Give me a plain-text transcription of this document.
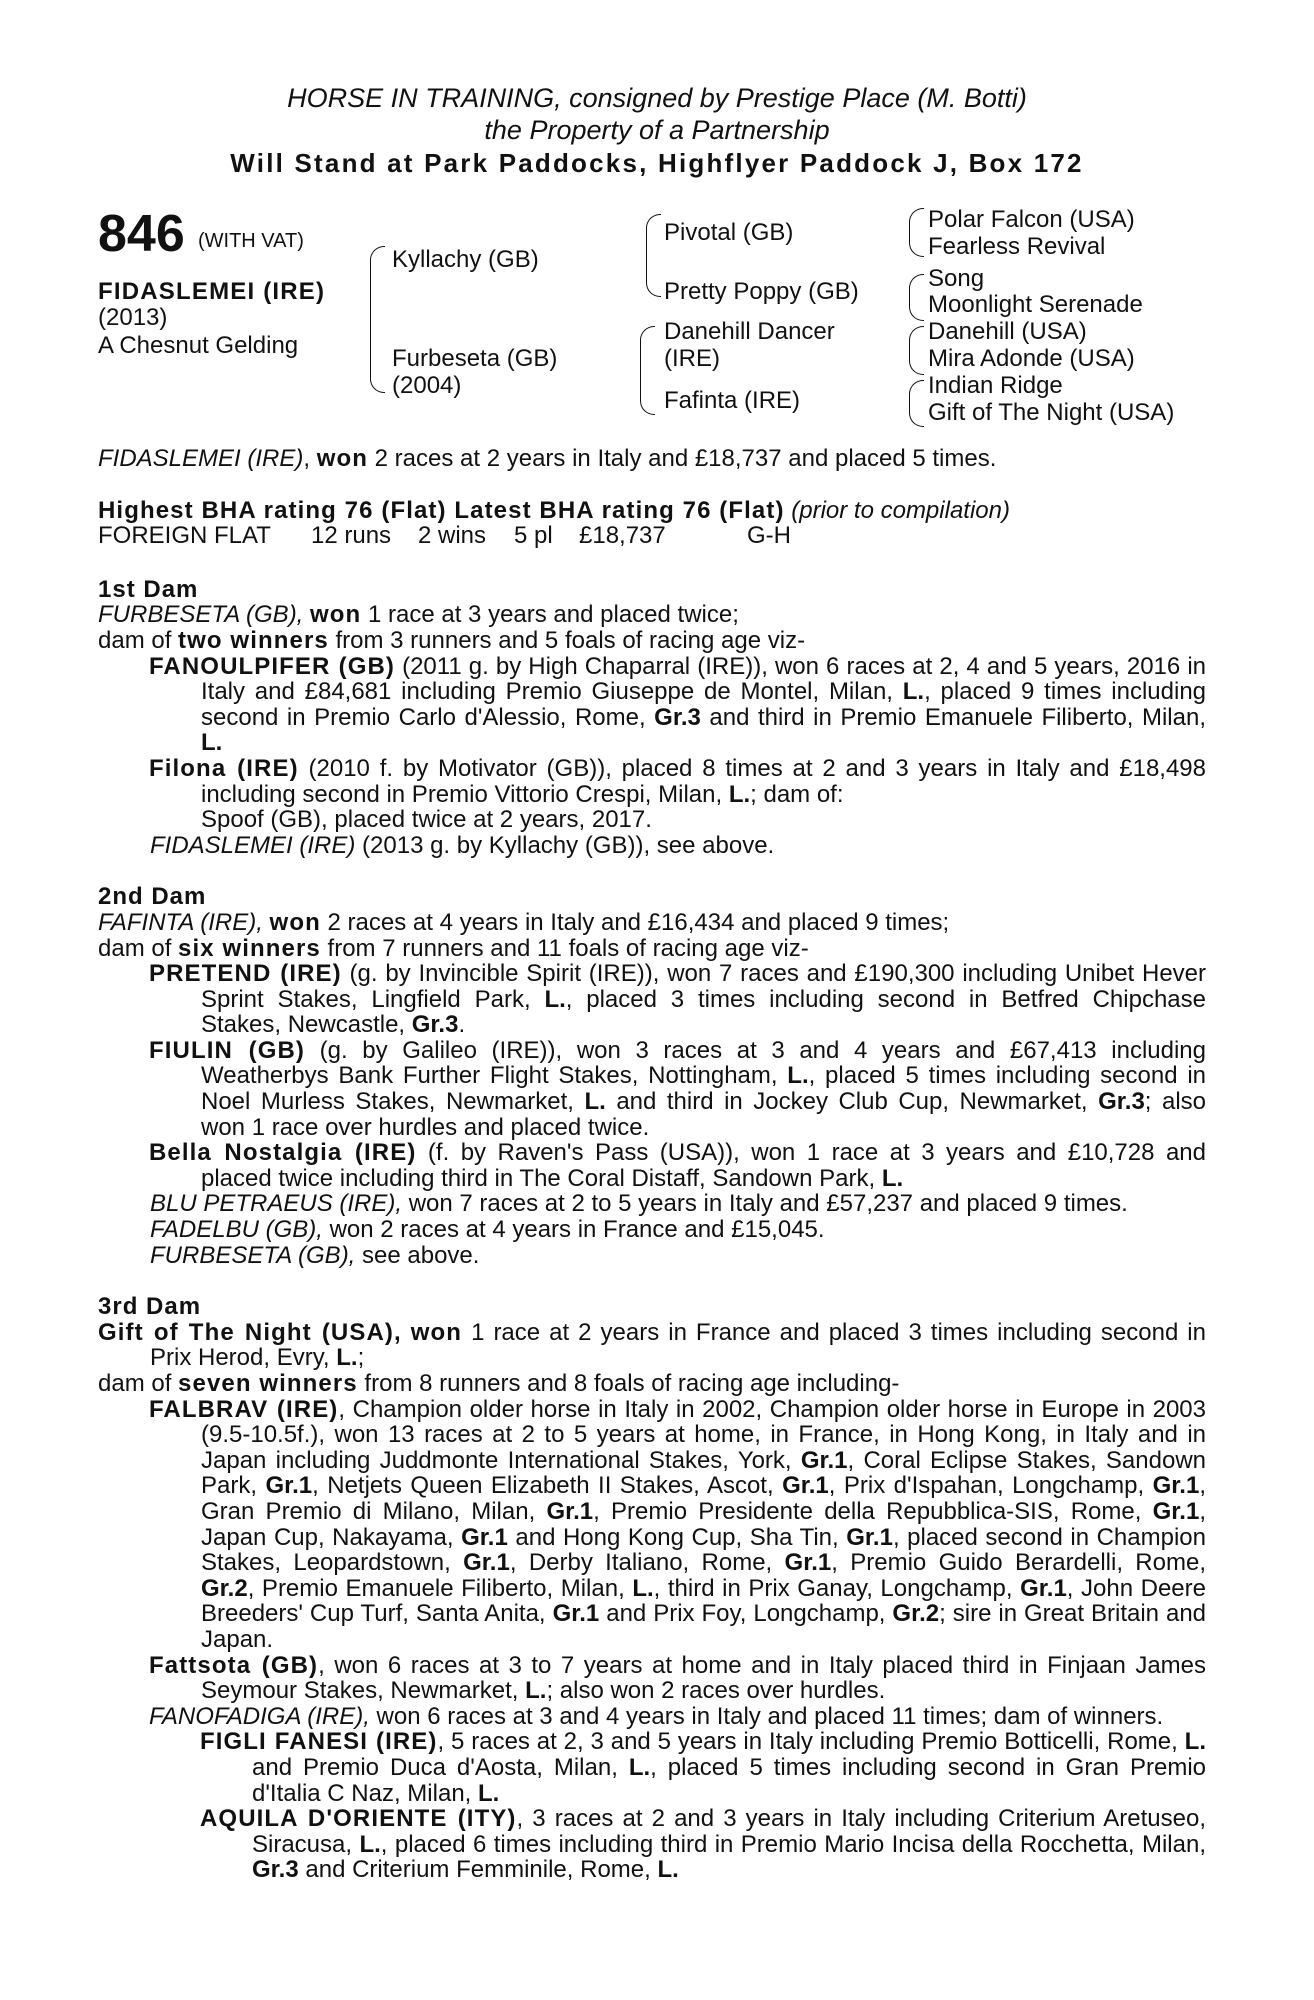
HORSE IN TRAINING, consigned by Prestige Place (M. Botti)
the Property of a Partnership
Will Stand at Park Paddocks, Highflyer Paddock J, Box 172
846 (WITH VAT)
FIDASLEMEI (IRE)
(2013)
A Chesnut Gelding
Kyllachy (GB)
Furbeseta (GB)
(2004)
Pivotal (GB)
Pretty Poppy (GB)
Danehill Dancer
(IRE)
Fafinta (IRE)
Polar Falcon (USA)
Fearless Revival
Song
Moonlight Serenade
Danehill (USA)
Mira Adonde (USA)
Indian Ridge
Gift of The Night (USA)
FIDASLEMEI (IRE), won 2 races at 2 years in Italy and £18,737 and placed 5 times.
Highest BHA rating 76 (Flat) Latest BHA rating 76 (Flat) (prior to compilation)
FOREIGN FLAT 12 runs 2 wins 5 pl £18,737	G-H
1st Dam
FURBESETA (GB), won 1 race at 3 years and placed twice;
dam of two winners from 3 runners and 5 foals of racing age viz-
FANOULPIFER (GB) (2011 g. by High Chaparral (IRE)), won 6 races at 2, 4 and 5 years, 2016 in Italy and £84,681 including Premio Giuseppe de Montel, Milan, L., placed 9 times including second in Premio Carlo d'Alessio, Rome, Gr.3 and third in Premio Emanuele Filiberto, Milan, L.
Filona (IRE) (2010 f. by Motivator (GB)), placed 8 times at 2 and 3 years in Italy and £18,498 including second in Premio Vittorio Crespi, Milan, L.; dam of:
Spoof (GB), placed twice at 2 years, 2017.
FIDASLEMEI (IRE) (2013 g. by Kyllachy (GB)), see above.
2nd Dam
FAFINTA (IRE), won 2 races at 4 years in Italy and £16,434 and placed 9 times;
dam of six winners from 7 runners and 11 foals of racing age viz-
PRETEND (IRE) (g. by Invincible Spirit (IRE)), won 7 races and £190,300 including Unibet Hever Sprint Stakes, Lingfield Park, L., placed 3 times including second in Betfred Chipchase Stakes, Newcastle, Gr.3.
FIULIN (GB) (g. by Galileo (IRE)), won 3 races at 3 and 4 years and £67,413 including Weatherbys Bank Further Flight Stakes, Nottingham, L., placed 5 times including second in Noel Murless Stakes, Newmarket, L. and third in Jockey Club Cup, Newmarket, Gr.3; also won 1 race over hurdles and placed twice.
Bella Nostalgia (IRE) (f. by Raven's Pass (USA)), won 1 race at 3 years and £10,728 and placed twice including third in The Coral Distaff, Sandown Park, L.
BLU PETRAEUS (IRE), won 7 races at 2 to 5 years in Italy and £57,237 and placed 9 times.
FADELBU (GB), won 2 races at 4 years in France and £15,045.
FURBESETA (GB), see above.
3rd Dam
Gift of The Night (USA), won 1 race at 2 years in France and placed 3 times including second in Prix Herod, Evry, L.;
dam of seven winners from 8 runners and 8 foals of racing age including-
FALBRAV (IRE), Champion older horse in Italy in 2002, Champion older horse in Europe in 2003 (9.5-10.5f.), won 13 races at 2 to 5 years at home, in France, in Hong Kong, in Italy and in Japan including Juddmonte International Stakes, York, Gr.1, Coral Eclipse Stakes, Sandown Park, Gr.1, Netjets Queen Elizabeth II Stakes, Ascot, Gr.1, Prix d'Ispahan, Longchamp, Gr.1, Gran Premio di Milano, Milan, Gr.1, Premio Presidente della Repubblica-SIS, Rome, Gr.1, Japan Cup, Nakayama, Gr.1 and Hong Kong Cup, Sha Tin, Gr.1, placed second in Champion Stakes, Leopardstown, Gr.1, Derby Italiano, Rome, Gr.1, Premio Guido Berardelli, Rome, Gr.2, Premio Emanuele Filiberto, Milan, L., third in Prix Ganay, Longchamp, Gr.1, John Deere Breeders' Cup Turf, Santa Anita, Gr.1 and Prix Foy, Longchamp, Gr.2; sire in Great Britain and Japan.
Fattsota (GB), won 6 races at 3 to 7 years at home and in Italy placed third in Finjaan James Seymour Stakes, Newmarket, L.; also won 2 races over hurdles.
FANOFADIGA (IRE), won 6 races at 3 and 4 years in Italy and placed 11 times; dam of winners.
FIGLI FANESI (IRE), 5 races at 2, 3 and 5 years in Italy including Premio Botticelli, Rome, L. and Premio Duca d'Aosta, Milan, L., placed 5 times including second in Gran Premio d'Italia C Naz, Milan, L.
AQUILA D'ORIENTE (ITY), 3 races at 2 and 3 years in Italy including Criterium Aretuseo, Siracusa, L., placed 6 times including third in Premio Mario Incisa della Rocchetta, Milan, Gr.3 and Criterium Femminile, Rome, L.
